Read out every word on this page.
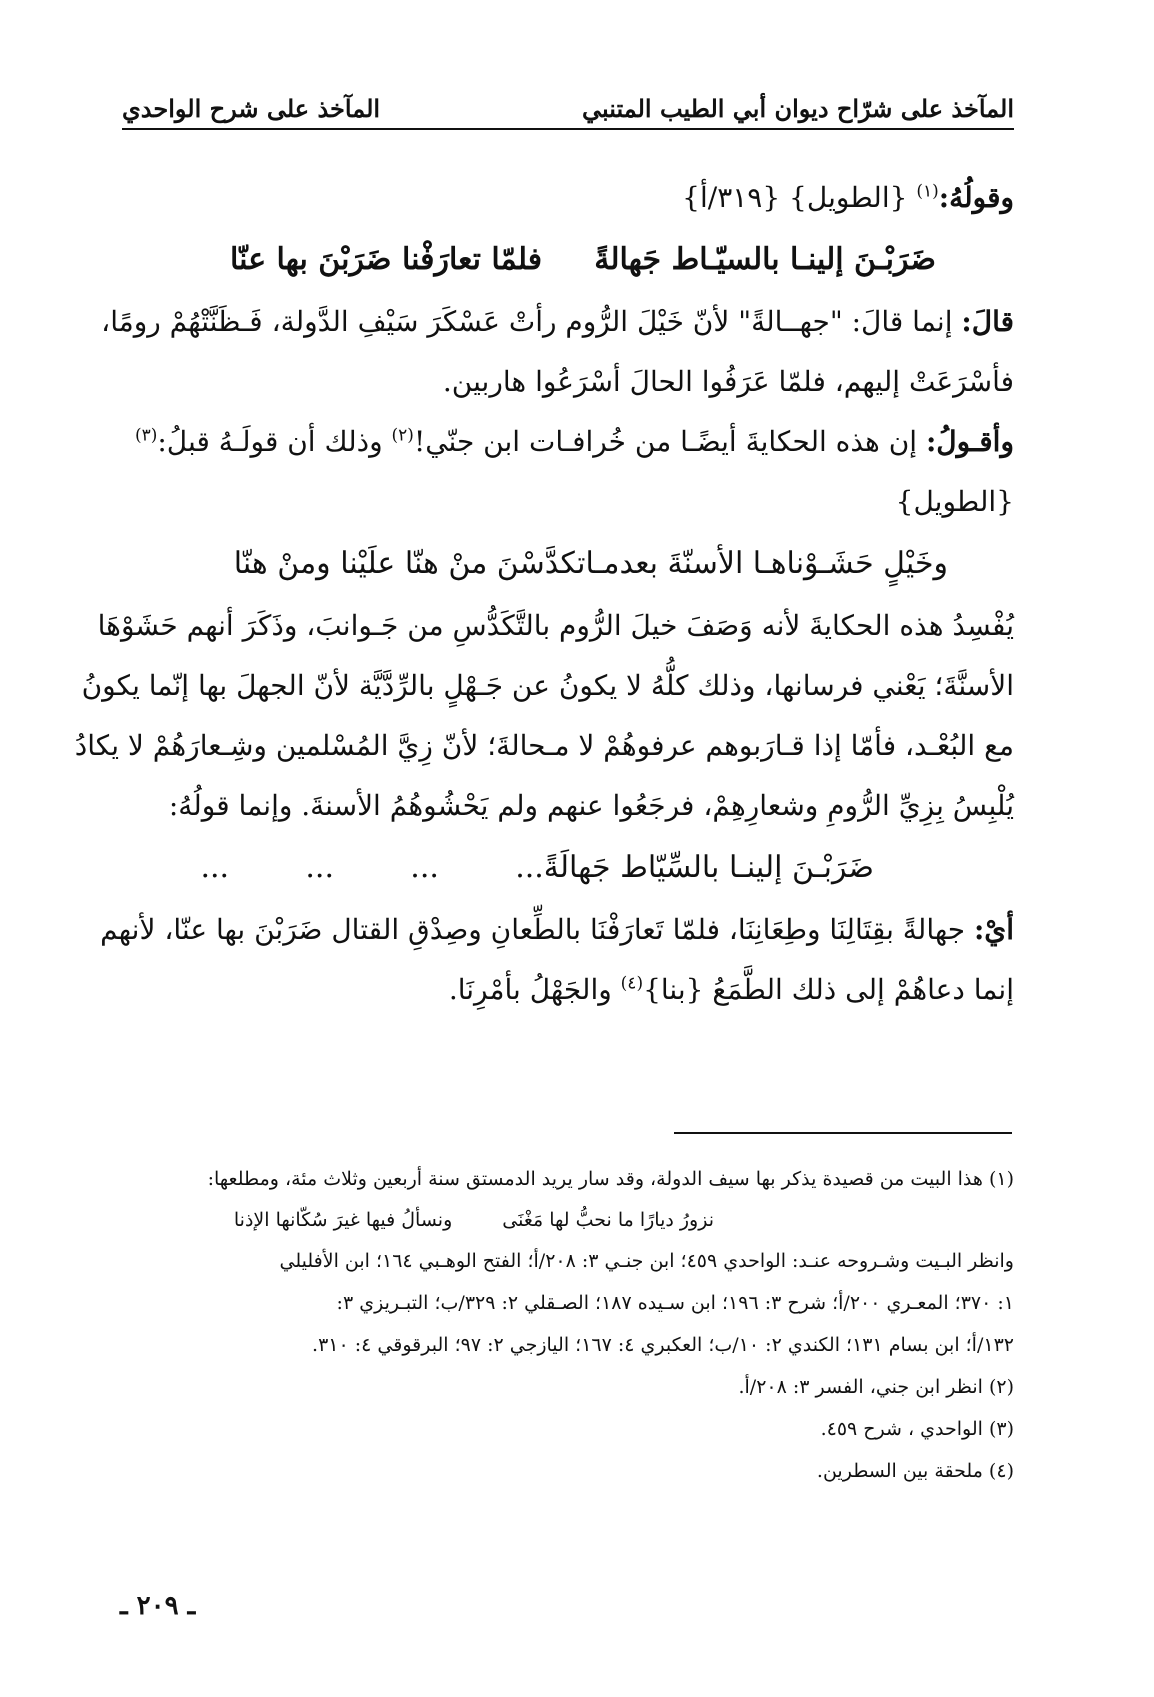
المآخذ على شرّاح ديوان أبي الطيب المتنبي
المآخذ على شرح الواحدي
وقولُهُ:$^{(١)}$ {الطويل} {٣١٩/أ}
ضَرَبْـنَ إلينـا بالسيّـاط جَهالةً
فلمّا تعارَفْنا ضَرَبْنَ بها عنّا
قالَ: إنما قالَ: "جهــالةً" لأنّ خَيْلَ الرُّوم رأتْ عَسْكَرَ سَيْفِ الدَّولة، فَـظَنَّتْهُمْ رومًا،
فأسْرَعَتْ إليهم، فلمّا عَرَفُوا الحالَ أسْرَعُوا هاربين.
وأقـولُ: إن هذه الحكايةَ أيضًـا من خُرافـات ابن جنّي!$^{(٢)}$ وذلك أن قولَـهُ قبلُ:$^{(٣)}$
{الطويل}
وخَيْلٍ حَشَـوْناهـا الأسنّةَ بعدمـا
تكدَّسْنَ منْ هنّا علَيْنا ومنْ هنّا
يُفْسِدُ هذه الحكايةَ لأنه وَصَفَ خيلَ الرُّوم بالتَّكَدُّسِ من جَـوانبَ، وذَكَرَ أنهم حَشَوْهَا
الأسنَّةَ؛ يَعْني فرسانها، وذلك كلُّهُ لا يكونُ عن جَـهْلٍ بالرِّدَّيَّة لأنّ الجهلَ بها إنّما يكونُ
مع البُعْـد، فأمّا إذا قـارَبوهم عرفوهُمْ لا مـحالةَ؛ لأنّ زِيَّ المُسْلمين وشِـعارَهُمْ لا يكادُ
يُلْبِسُ بِزِيِّ الرُّومِ وشعارِهِمْ، فرجَعُوا عنهم ولم يَحْشُوهُمُ الأسنةَ. وإنما قولُهُ:
ضَرَبْـنَ إلينـا بالسِّيّاط جَهالَةً
...        ...        ...        ...
أيْ: جهالةً بقِتَالِنَا وطِعَانِنَا، فلمّا تَعارَفْنَا بالطِّعانِ وصِدْقِ القتال ضَرَبْنَ بها عنّا، لأنهم
إنما دعاهُمْ إلى ذلك الطَّمَعُ {بنا}$^{(٤)}$ والجَهْلُ بأمْرِنَا.
(١) هذا البيت من قصيدة يذكر بها سيف الدولة، وقد سار يريد الدمستق سنة أربعين وثلاث مئة، ومطلعها:
نزورُ ديارًا ما نحبُّ لها مَغْنَى
ونسألُ فيها غيرَ سُكّانها الإذنا
وانظر البـيت وشـروحه عنـد: الواحدي ٤٥٩؛ ابن جنـي ٣: ٢٠٨/أ؛ الفتح الوهـبي ١٦٤؛ ابن الأفليلي
١: ٣٧٠؛ المعـري ٢٠٠/أ؛ شرح ٣: ١٩٦؛ ابن سـيده ١٨٧؛ الصـقلي ٢: ٣٢٩/ب؛ التبـريزي ٣:
١٣٢/أ؛ ابن بسام ١٣١؛ الكندي ٢: ١٠/ب؛ العكبري ٤: ١٦٧؛ اليازجي ٢: ٩٧؛ البرقوقي ٤: ٣١٠.
(٢) انظر ابن جني، الفسر ٣: ٢٠٨/أ.
(٣) الواحدي ، شرح ٤٥٩.
(٤) ملحقة بين السطرين.
ـ ٢٠٩ ـ
